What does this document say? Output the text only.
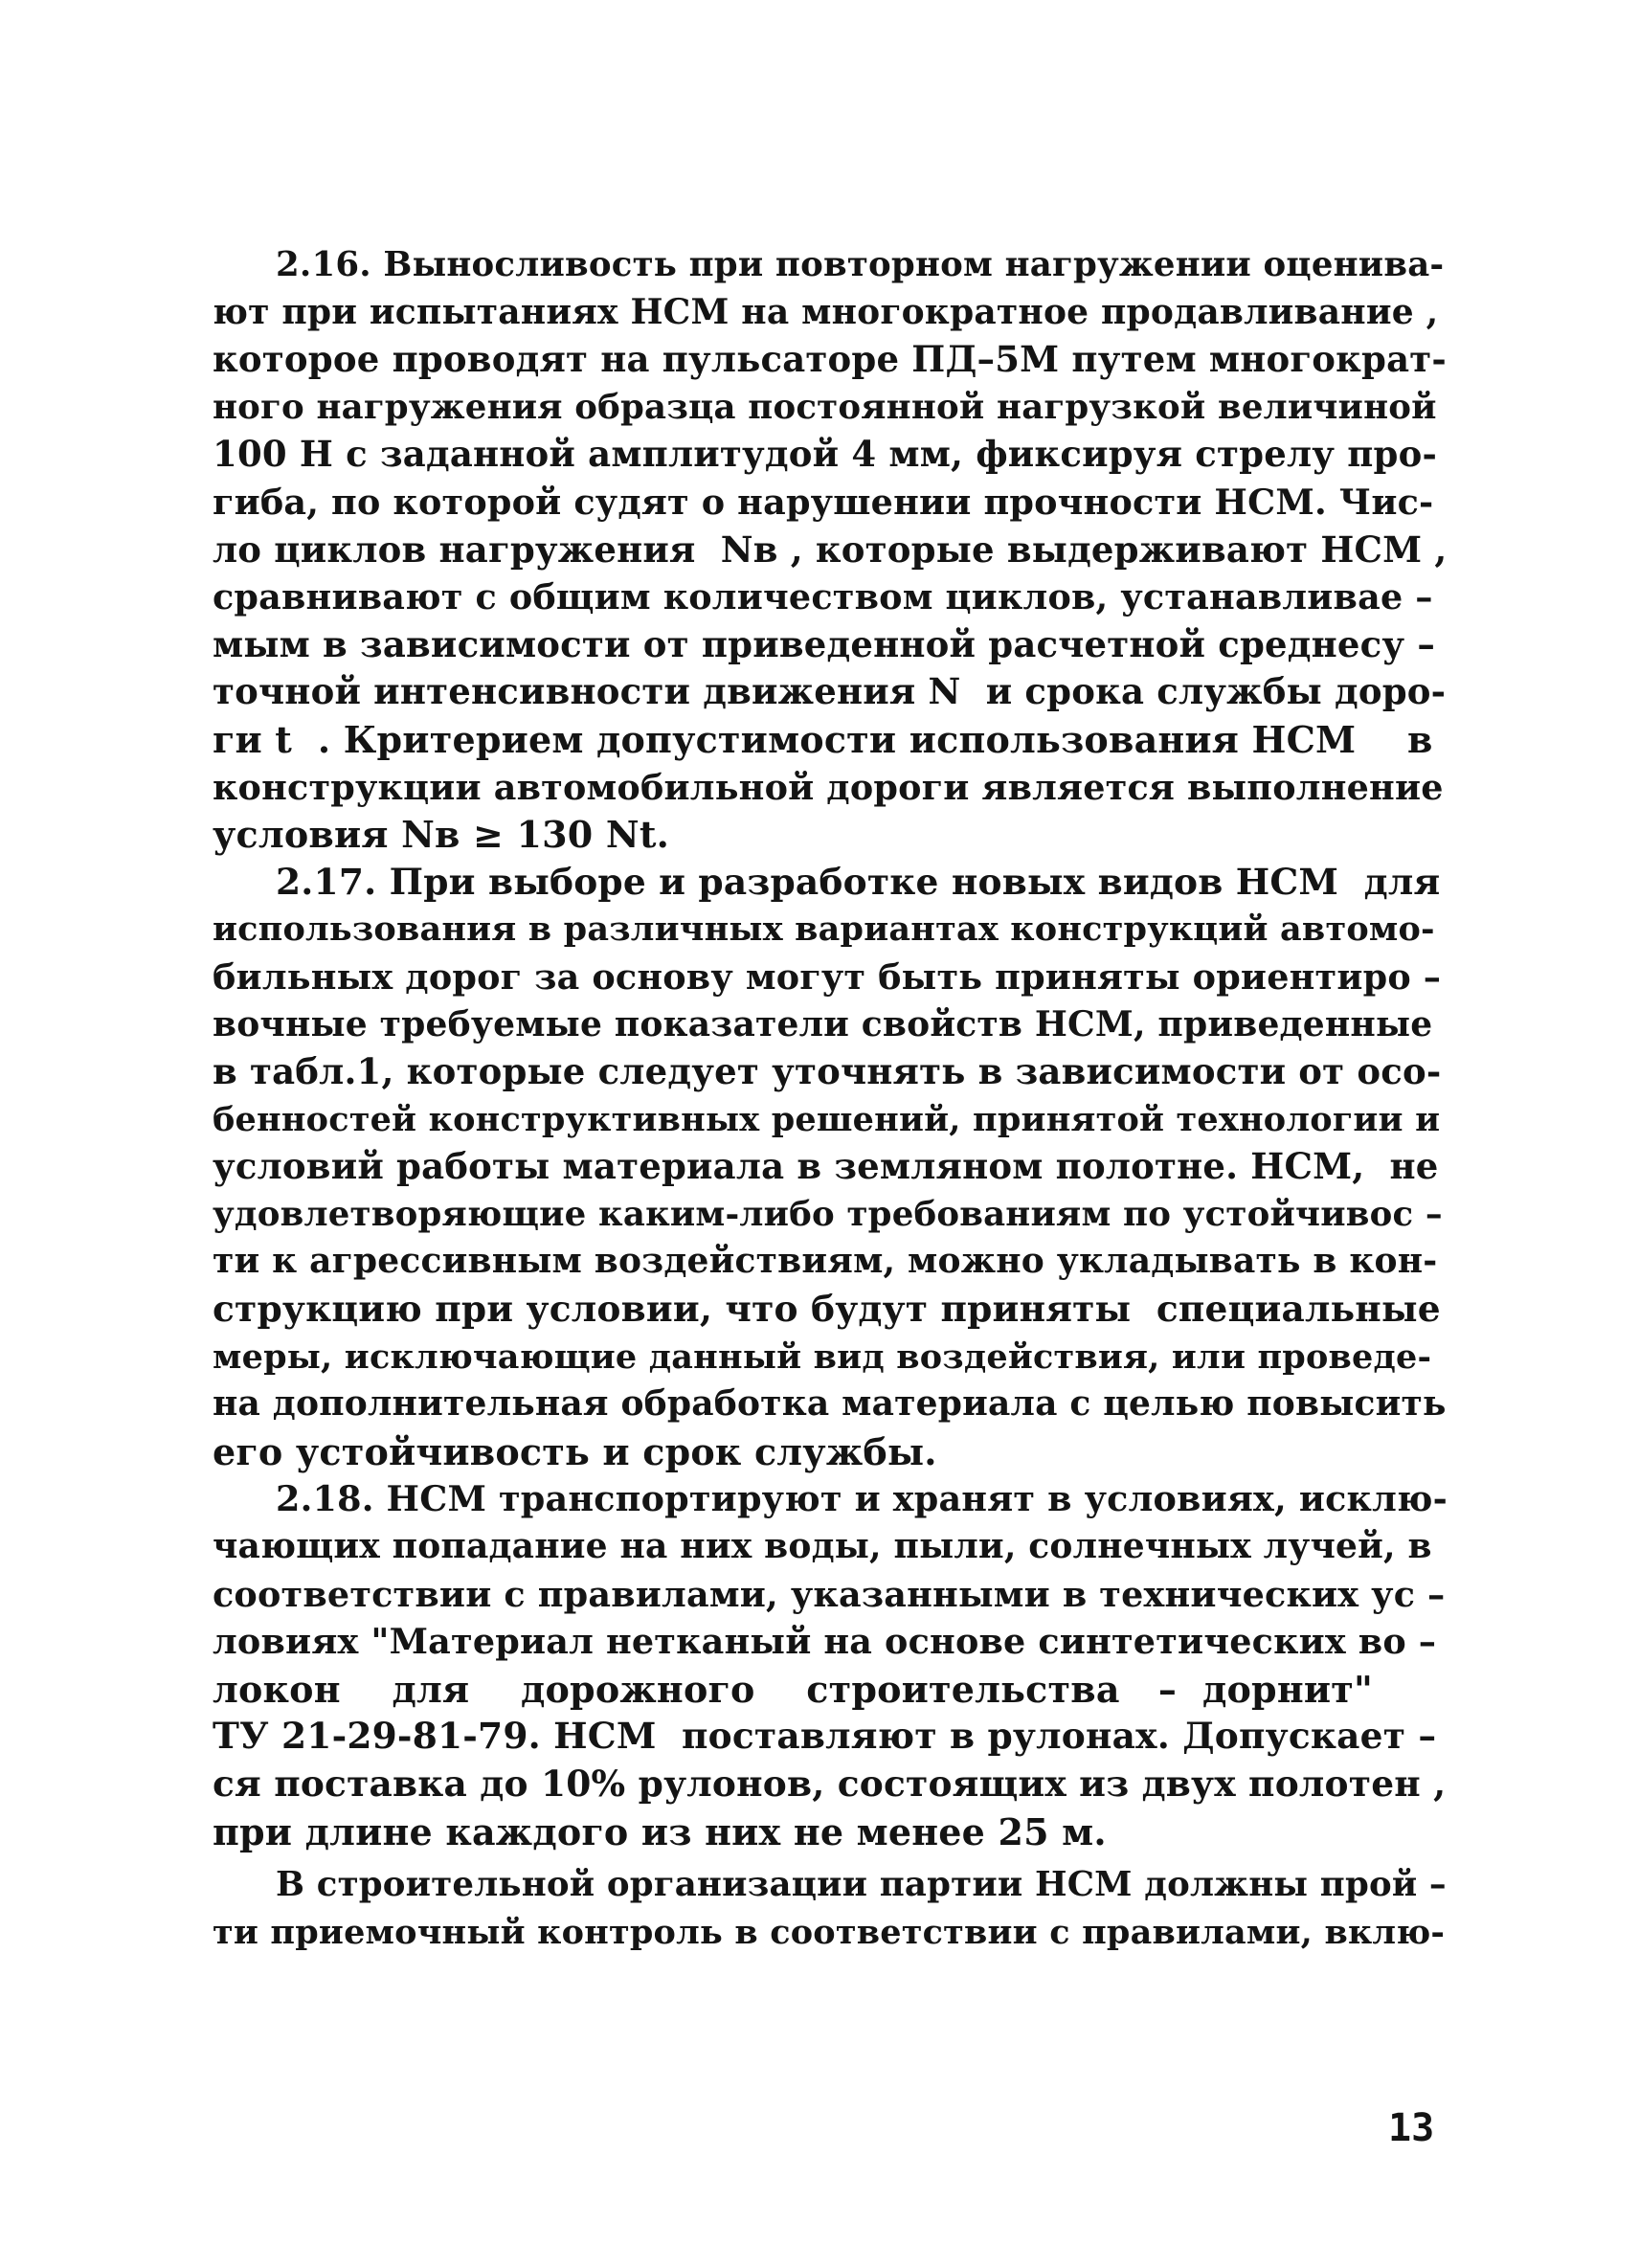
2.16. Выносливость при повторном нагружении оценива-
ют при испытаниях НСМ на многократное продавливание ,
которое проводят на пульсаторе ПД–5М путем многократ-
ного нагружения образца постоянной нагрузкой величиной
100 Н с заданной амплитудой 4 мм, фиксируя стрелу про-
гиба, по которой судят о нарушении прочности НСМ. Чис-
ло циклов нагружения  Nв , которые выдерживают НСМ ,
сравнивают с общим количеством циклов, устанавливае –
мым в зависимости от приведенной расчетной среднесу –
точной интенсивности движения N  и срока службы доро-
ги t  . Критерием допустимости использования НСМ    в
конструкции автомобильной дороги является выполнение
условия Nв ≥ 130 Nt.
2.17. При выборе и разработке новых видов НСМ  для
использования в различных вариантах конструкций автомо-
бильных дорог за основу могут быть приняты ориентиро –
вочные требуемые показатели свойств НСМ, приведенные
в табл.1, которые следует уточнять в зависимости от осо-
бенностей конструктивных решений, принятой технологии и
условий работы материала в земляном полотне. НСМ,  не
удовлетворяющие каким-либо требованиям по устойчивос –
ти к агрессивным воздействиям, можно укладывать в кон-
струкцию при условии, что будут приняты  специальные
меры, исключающие данный вид воздействия, или проведе-
на дополнительная обработка материала с целью повысить
его устойчивость и срок службы.
2.18. НСМ транспортируют и хранят в условиях, исклю-
чающих попадание на них воды, пыли, солнечных лучей, в
соответствии с правилами, указанными в технических ус –
ловиях "Материал нетканый на основе синтетических во –
локон    для    дорожного    строительства   –  дорнит"
ТУ 21-29-81-79. НСМ  поставляют в рулонах. Допускает –
ся поставка до 10% рулонов, состоящих из двух полотен ,
при длине каждого из них не менее 25 м.
В строительной организации партии НСМ должны прой –
ти приемочный контроль в соответствии с правилами, вклю-
13
